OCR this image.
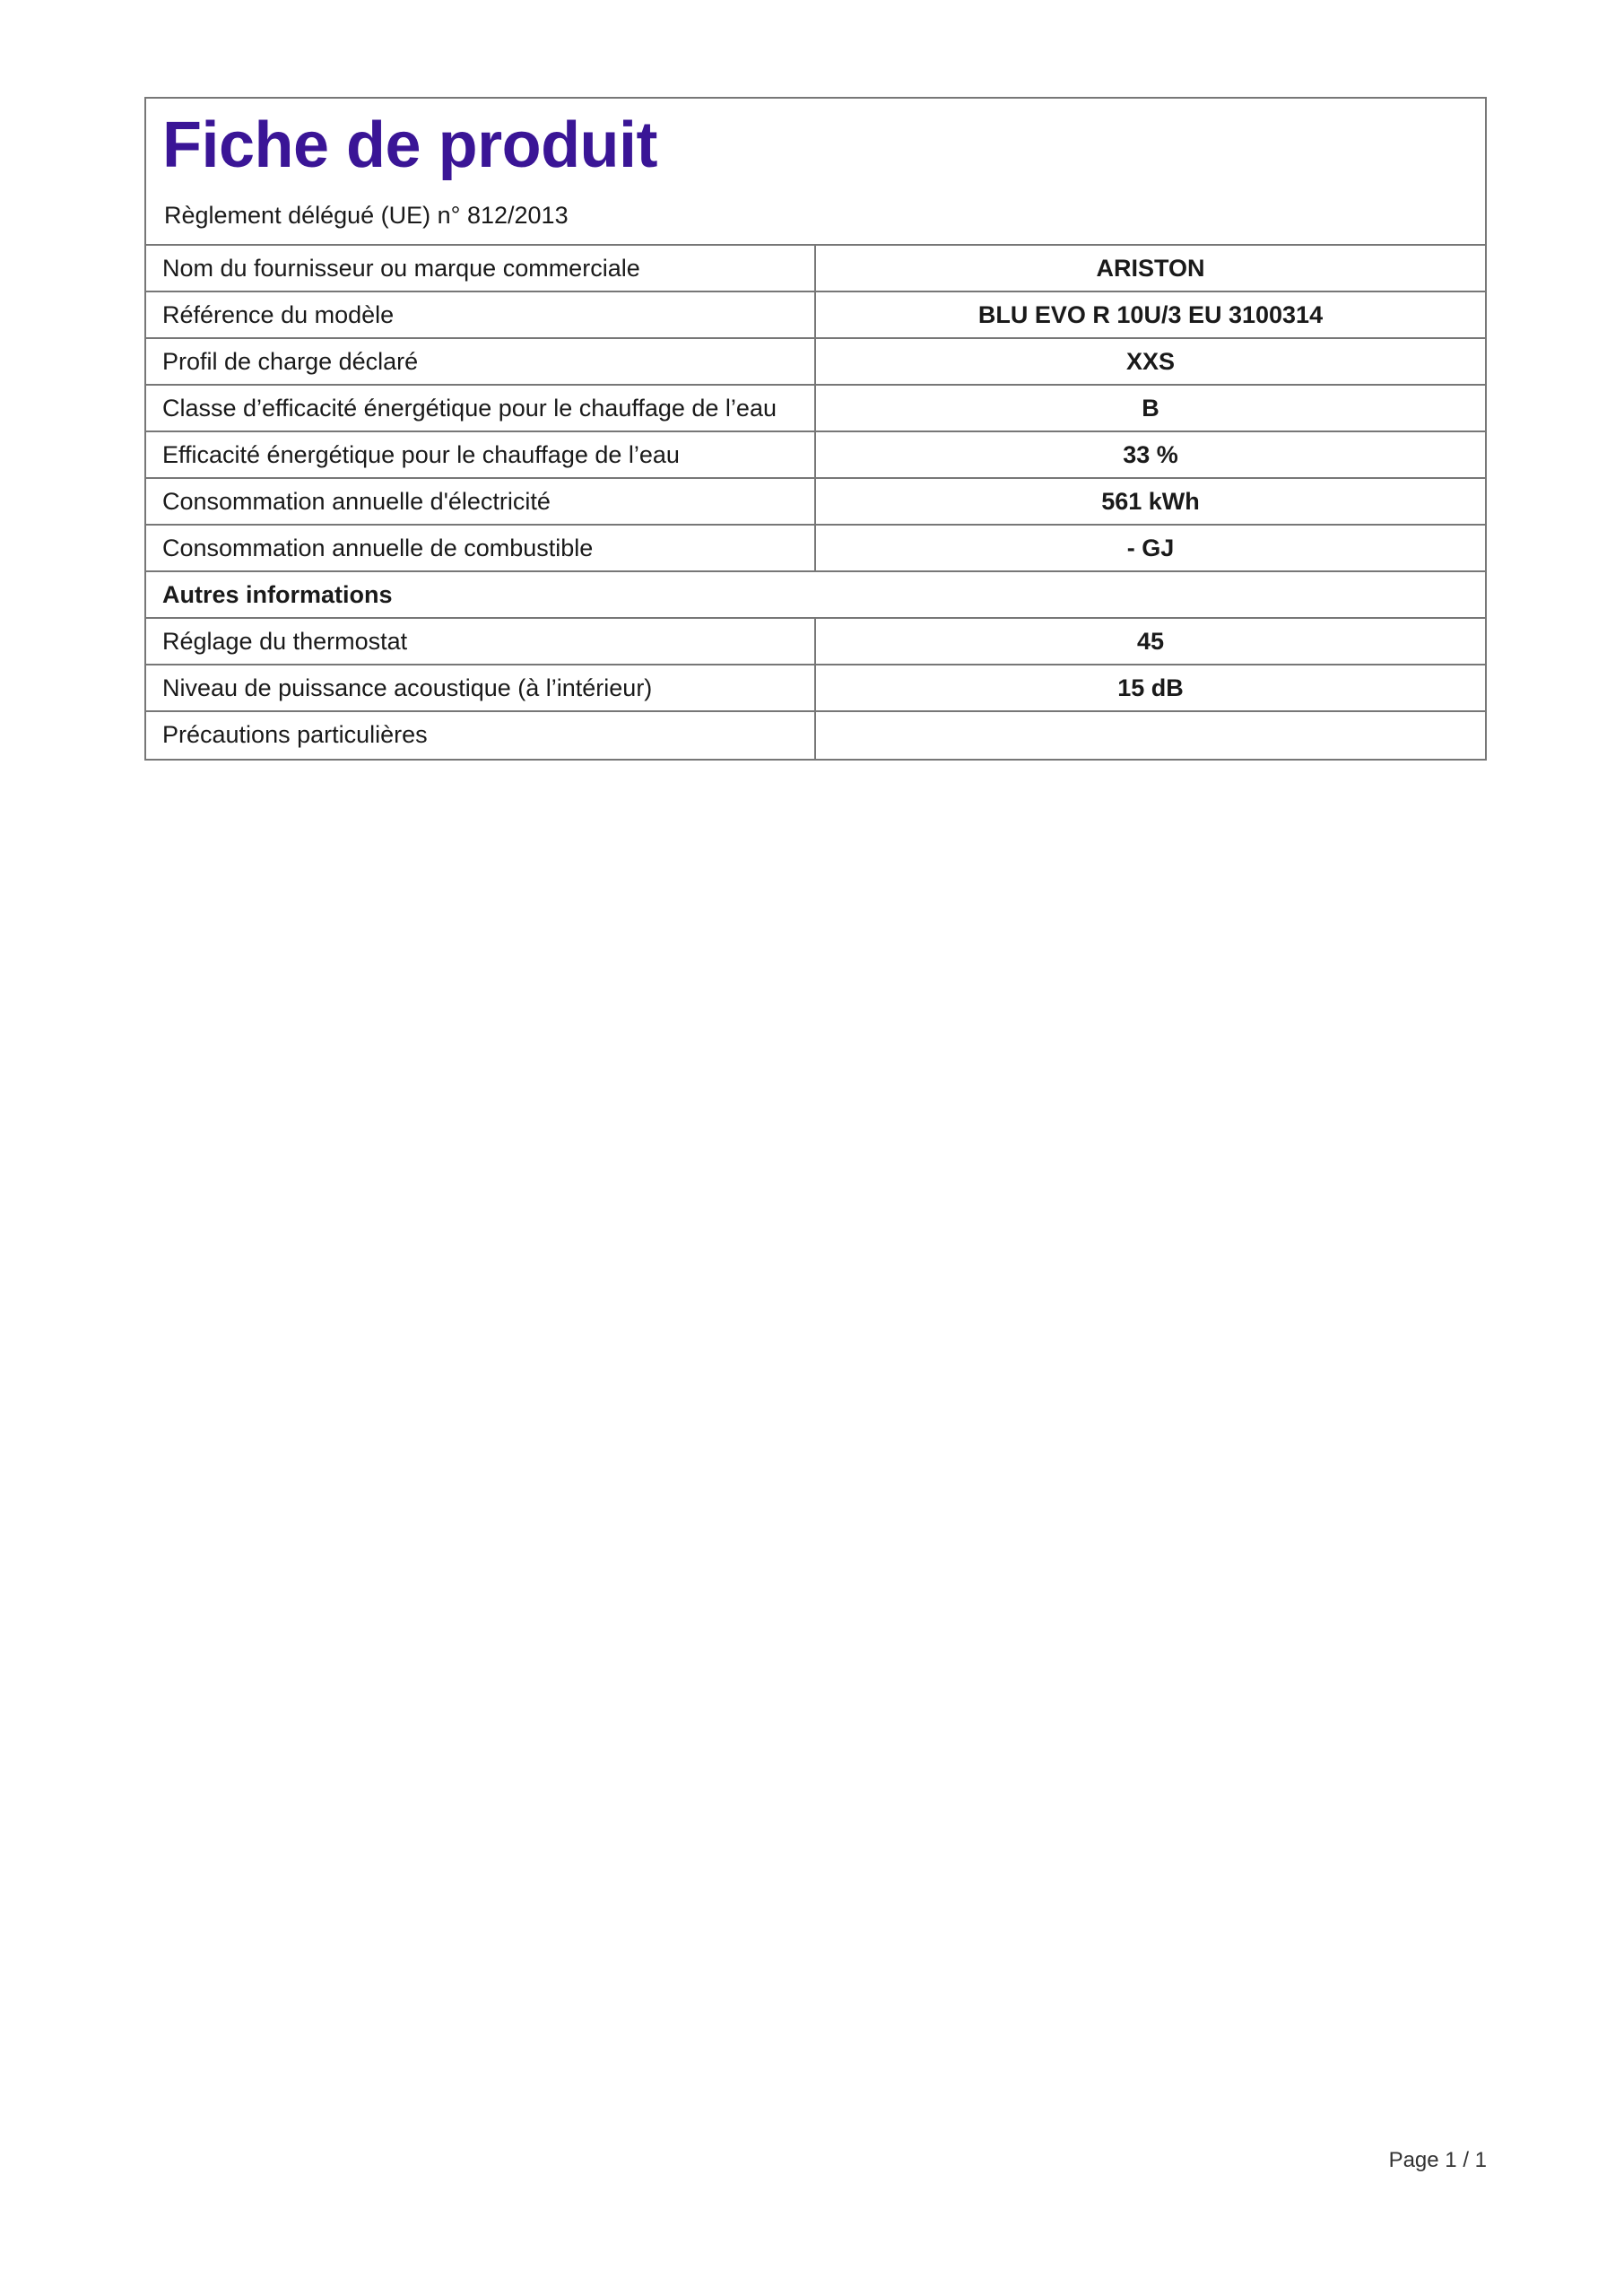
Fiche de produit
Règlement délégué (UE) n° 812/2013
Nom du fournisseur ou marque commerciale	ARISTON
Référence du modèle	BLU EVO R 10U/3 EU 3100314
Profil de charge déclaré	XXS
Classe d’efficacité énergétique pour le chauffage de l’eau	B
Efficacité énergétique pour le chauffage de l’eau	33 %
Consommation annuelle d'électricité	561 kWh
Consommation annuelle de combustible	- GJ
Autres informations
Réglage du thermostat	45
Niveau de puissance acoustique (à l’intérieur)	15 dB
Précautions particulières
Page 1 / 1
